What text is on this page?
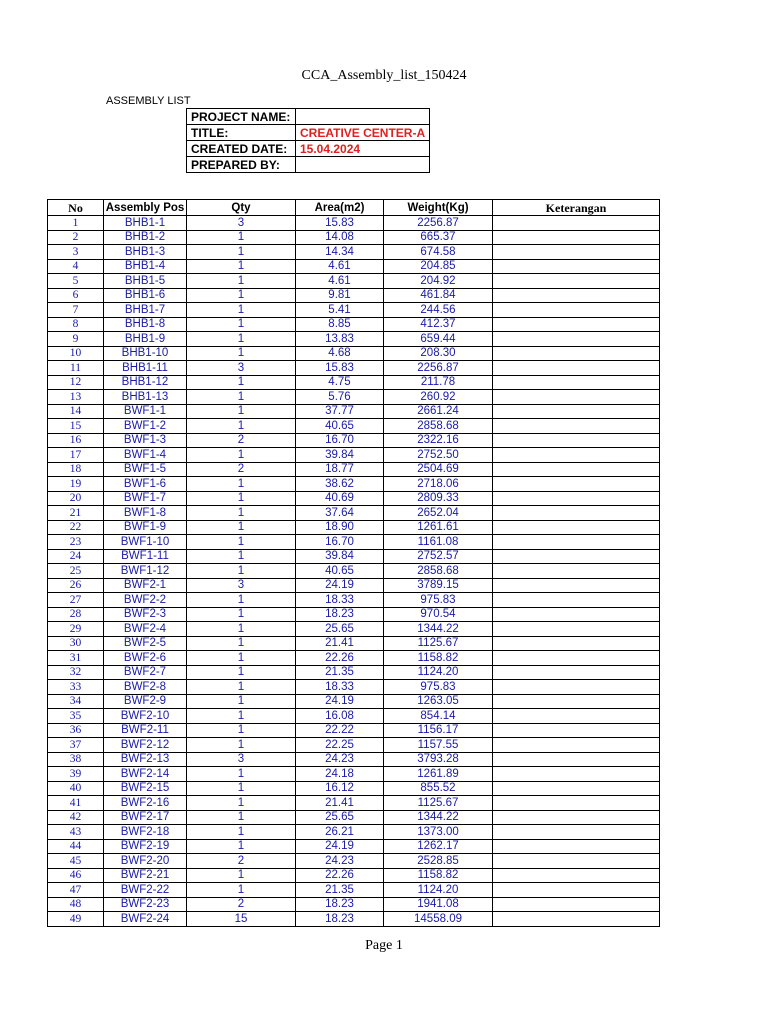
CCA_Assembly_list_150424
ASSEMBLY LIST
PROJECT NAME:	
TITLE:	CREATIVE CENTER-A
CREATED DATE:	15.04.2024
PREPARED BY:	
No	Assembly Pos	Qty	Area(m2)	Weight(Kg)	Keterangan
1	BHB1-1	3	15.83	2256.87	
2	BHB1-2	1	14.08	665.37	
3	BHB1-3	1	14.34	674.58	
4	BHB1-4	1	4.61	204.85	
5	BHB1-5	1	4.61	204.92	
6	BHB1-6	1	9.81	461.84	
7	BHB1-7	1	5.41	244.56	
8	BHB1-8	1	8.85	412.37	
9	BHB1-9	1	13.83	659.44	
10	BHB1-10	1	4.68	208.30	
11	BHB1-11	3	15.83	2256.87	
12	BHB1-12	1	4.75	211.78	
13	BHB1-13	1	5.76	260.92	
14	BWF1-1	1	37.77	2661.24	
15	BWF1-2	1	40.65	2858.68	
16	BWF1-3	2	16.70	2322.16	
17	BWF1-4	1	39.84	2752.50	
18	BWF1-5	2	18.77	2504.69	
19	BWF1-6	1	38.62	2718.06	
20	BWF1-7	1	40.69	2809.33	
21	BWF1-8	1	37.64	2652.04	
22	BWF1-9	1	18.90	1261.61	
23	BWF1-10	1	16.70	1161.08	
24	BWF1-11	1	39.84	2752.57	
25	BWF1-12	1	40.65	2858.68	
26	BWF2-1	3	24.19	3789.15	
27	BWF2-2	1	18.33	975.83	
28	BWF2-3	1	18.23	970.54	
29	BWF2-4	1	25.65	1344.22	
30	BWF2-5	1	21.41	1125.67	
31	BWF2-6	1	22.26	1158.82	
32	BWF2-7	1	21.35	1124.20	
33	BWF2-8	1	18.33	975.83	
34	BWF2-9	1	24.19	1263.05	
35	BWF2-10	1	16.08	854.14	
36	BWF2-11	1	22.22	1156.17	
37	BWF2-12	1	22.25	1157.55	
38	BWF2-13	3	24.23	3793.28	
39	BWF2-14	1	24.18	1261.89	
40	BWF2-15	1	16.12	855.52	
41	BWF2-16	1	21.41	1125.67	
42	BWF2-17	1	25.65	1344.22	
43	BWF2-18	1	26.21	1373.00	
44	BWF2-19	1	24.19	1262.17	
45	BWF2-20	2	24.23	2528.85	
46	BWF2-21	1	22.26	1158.82	
47	BWF2-22	1	21.35	1124.20	
48	BWF2-23	2	18.23	1941.08	
49	BWF2-24	15	18.23	14558.09	
Page 1
